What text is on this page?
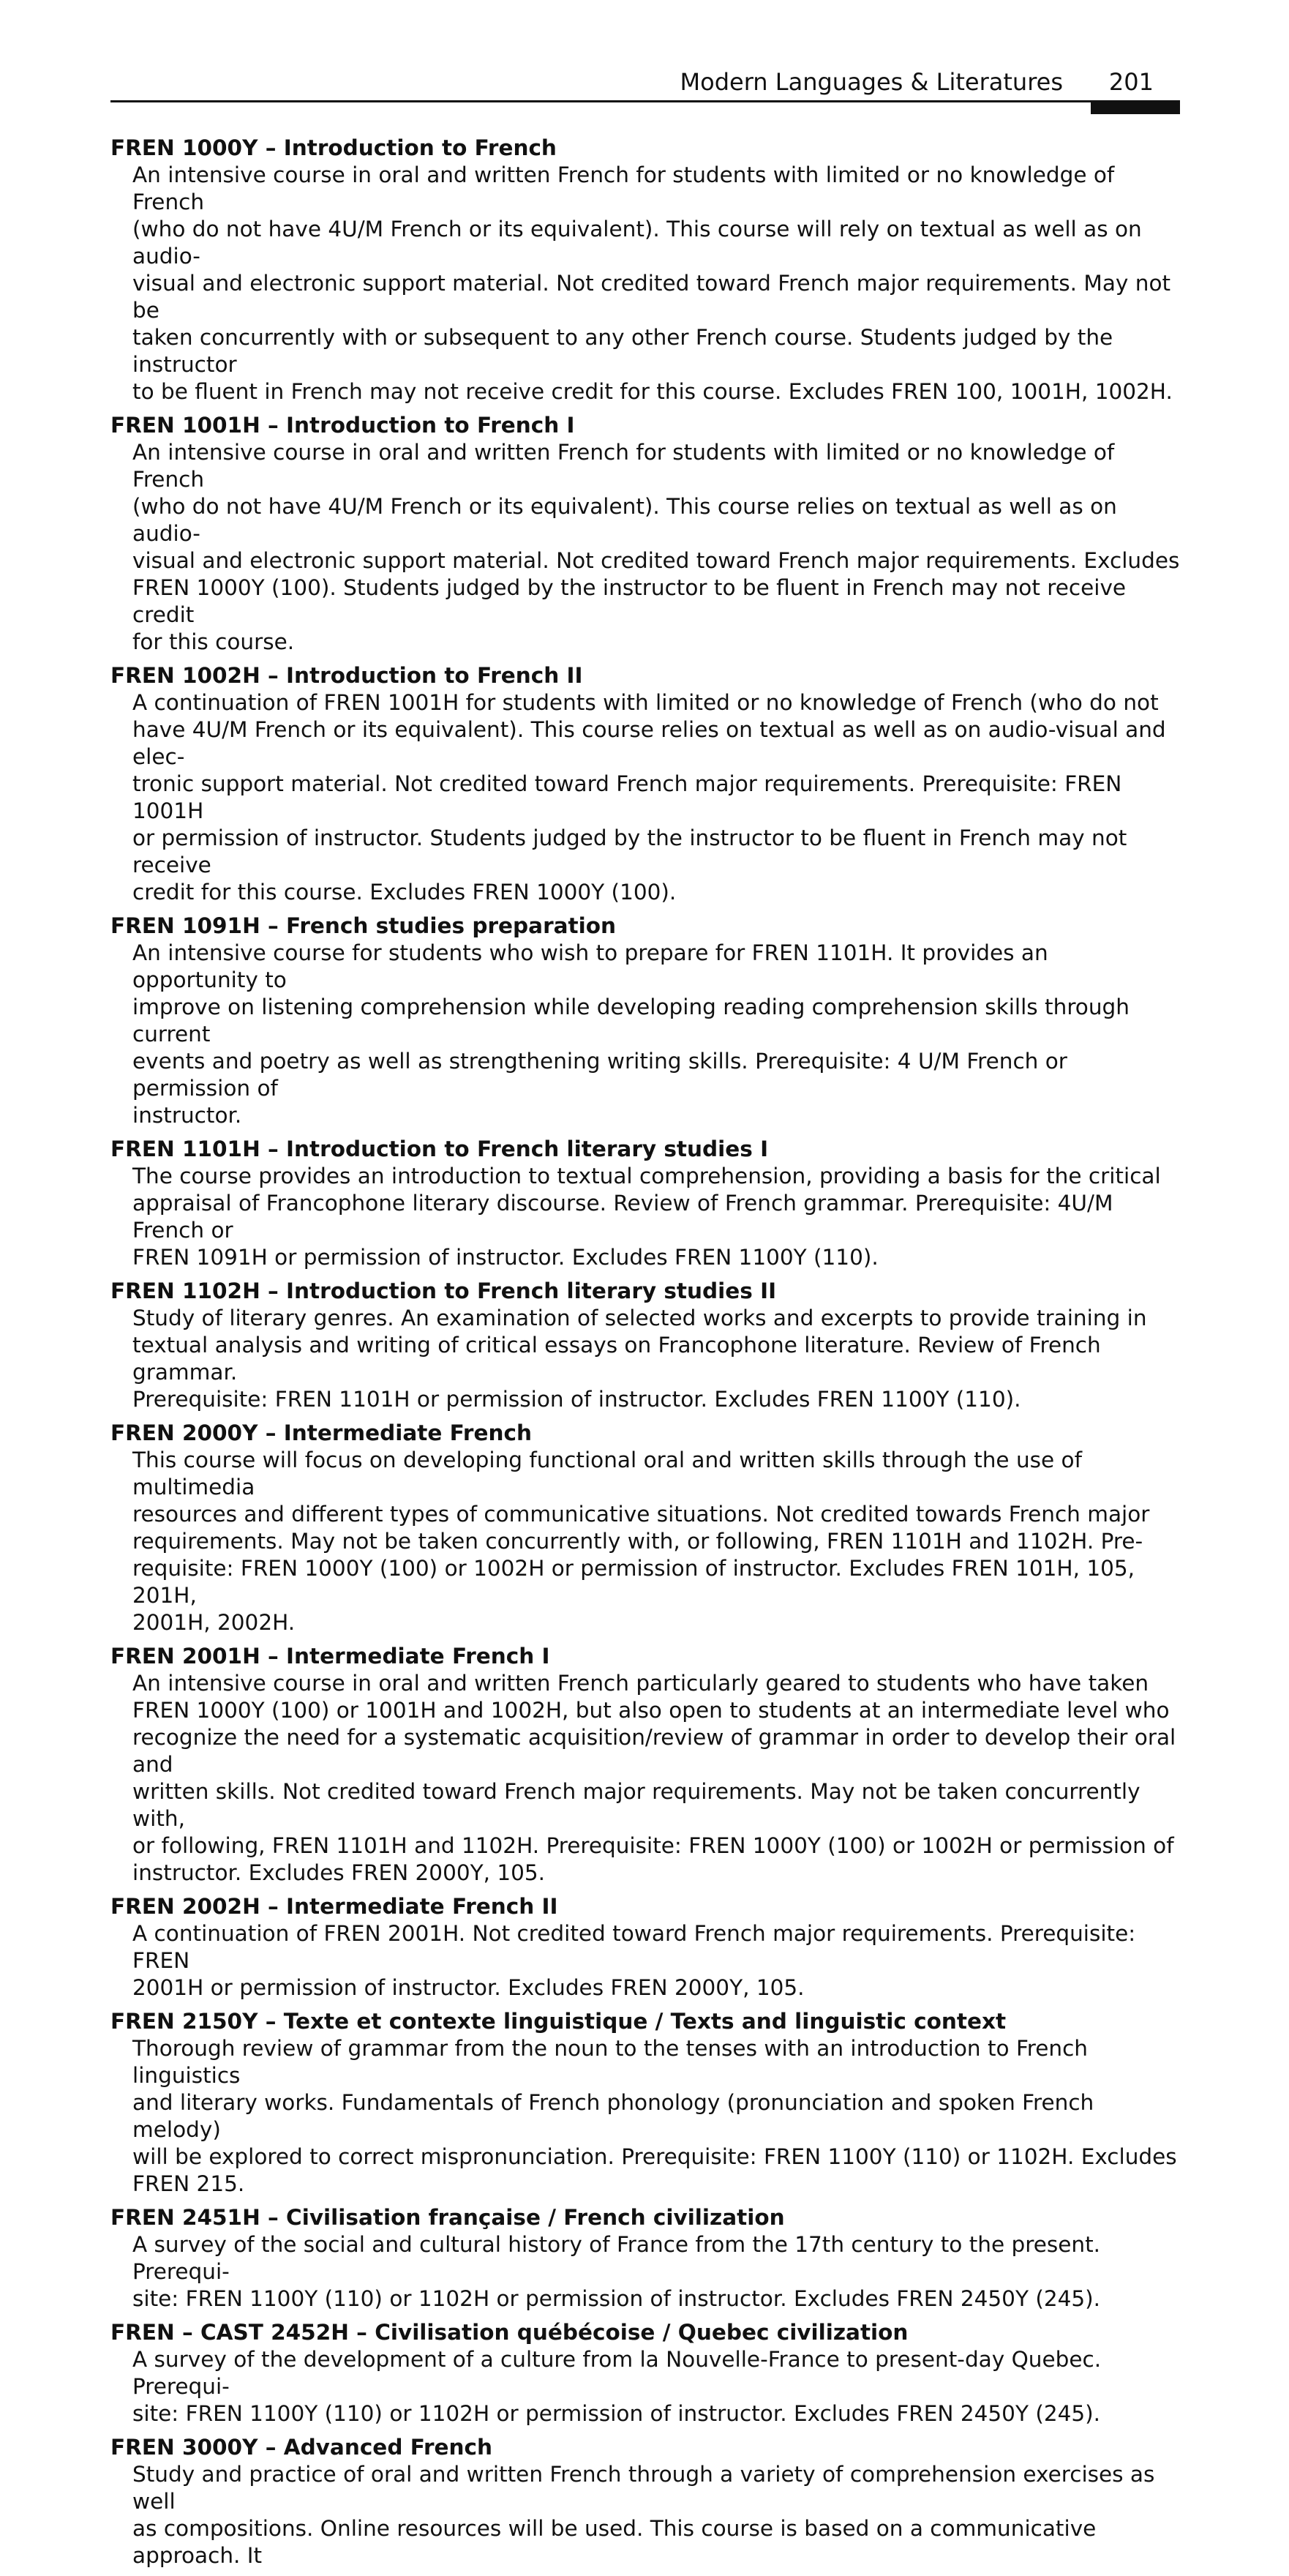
Modern Languages & Literatures 201
FREN 1000Y – Introduction to French
An intensive course in oral and written French for students with limited or no knowledge of French
(who do not have 4U/M French or its equivalent). This course will rely on textual as well as on audio-
visual and electronic support material. Not credited toward French major requirements. May not be
taken concurrently with or subsequent to any other French course. Students judged by the instructor
to be fluent in French may not receive credit for this course. Excludes FREN 100, 1001H, 1002H.
FREN 1001H – Introduction to French I
An intensive course in oral and written French for students with limited or no knowledge of French
(who do not have 4U/M French or its equivalent). This course relies on textual as well as on audio-
visual and electronic support material. Not credited toward French major requirements. Excludes
FREN 1000Y (100). Students judged by the instructor to be fluent in French may not receive credit
for this course.
FREN 1002H – Introduction to French II
A continuation of FREN 1001H for students with limited or no knowledge of French (who do not
have 4U/M French or its equivalent). This course relies on textual as well as on audio-visual and elec-
tronic support material. Not credited toward French major requirements. Prerequisite: FREN 1001H
or permission of instructor. Students judged by the instructor to be fluent in French may not receive
credit for this course. Excludes FREN 1000Y (100).
FREN 1091H – French studies preparation
An intensive course for students who wish to prepare for FREN 1101H. It provides an opportunity to
improve on listening comprehension while developing reading comprehension skills through current
events and poetry as well as strengthening writing skills. Prerequisite: 4 U/M French or permission of
instructor.
FREN 1101H – Introduction to French literary studies I
The course provides an introduction to textual comprehension, providing a basis for the critical
appraisal of Francophone literary discourse. Review of French grammar. Prerequisite: 4U/M French or
FREN 1091H or permission of instructor. Excludes FREN 1100Y (110).
FREN 1102H – Introduction to French literary studies II
Study of literary genres. An examination of selected works and excerpts to provide training in
textual analysis and writing of critical essays on Francophone literature. Review of French grammar.
Prerequisite: FREN 1101H or permission of instructor. Excludes FREN 1100Y (110).
FREN 2000Y – Intermediate French
This course will focus on developing functional oral and written skills through the use of multimedia
resources and different types of communicative situations. Not credited towards French major
requirements. May not be taken concurrently with, or following, FREN 1101H and 1102H. Pre-
requisite: FREN 1000Y (100) or 1002H or permission of instructor. Excludes FREN 101H, 105, 201H,
2001H, 2002H.
FREN 2001H – Intermediate French I
An intensive course in oral and written French particularly geared to students who have taken
FREN 1000Y (100) or 1001H and 1002H, but also open to students at an intermediate level who
recognize the need for a systematic acquisition/review of grammar in order to develop their oral and
written skills. Not credited toward French major requirements. May not be taken concurrently with,
or following, FREN 1101H and 1102H. Prerequisite: FREN 1000Y (100) or 1002H or permission of
instructor. Excludes FREN 2000Y, 105.
FREN 2002H – Intermediate French II
A continuation of FREN 2001H. Not credited toward French major requirements. Prerequisite: FREN
2001H or permission of instructor. Excludes FREN 2000Y, 105.
FREN 2150Y – Texte et contexte linguistique / Texts and linguistic context
Thorough review of grammar from the noun to the tenses with an introduction to French linguistics
and literary works. Fundamentals of French phonology (pronunciation and spoken French melody)
will be explored to correct mispronunciation. Prerequisite: FREN 1100Y (110) or 1102H. Excludes
FREN 215.
FREN 2451H – Civilisation française / French civilization
A survey of the social and cultural history of France from the 17th century to the present. Prerequi-
site: FREN 1100Y (110) or 1102H or permission of instructor. Excludes FREN 2450Y (245).
FREN – CAST 2452H – Civilisation québécoise / Quebec civilization
A survey of the development of a culture from la Nouvelle-France to present-day Quebec. Prerequi-
site: FREN 1100Y (110) or 1102H or permission of instructor. Excludes FREN 2450Y (245).
FREN 3000Y – Advanced French
Study and practice of oral and written French through a variety of comprehension exercises as well
as compositions. Online resources will be used. This course is based on a communicative approach. It
